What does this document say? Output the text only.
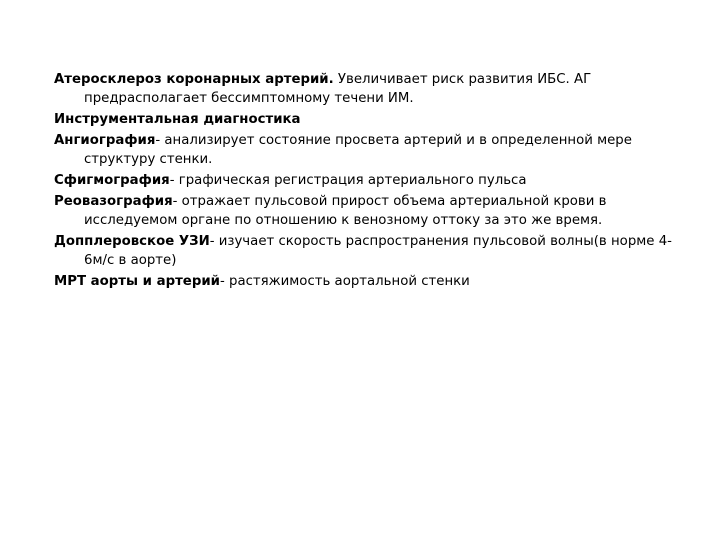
Атеросклероз коронарных артерий. Увеличивает риск развития ИБС. АГ предрасполагает бессимптомному течени ИМ.

Инструментальная диагностика

Ангиография- анализирует состояние просвета артерий и в определенной мере структуру стенки.

Сфигмография- графическая регистрация артериального пульса

Реовазография- отражает пульсовой прирост объема артериальной крови в исследуемом органе по отношению к венозному оттоку за это же время.

Допплеровское УЗИ- изучает скорость распространения пульсовой волны(в норме 4-6м/с в аорте)

МРТ аорты и артерий- растяжимость аортальной стенки
